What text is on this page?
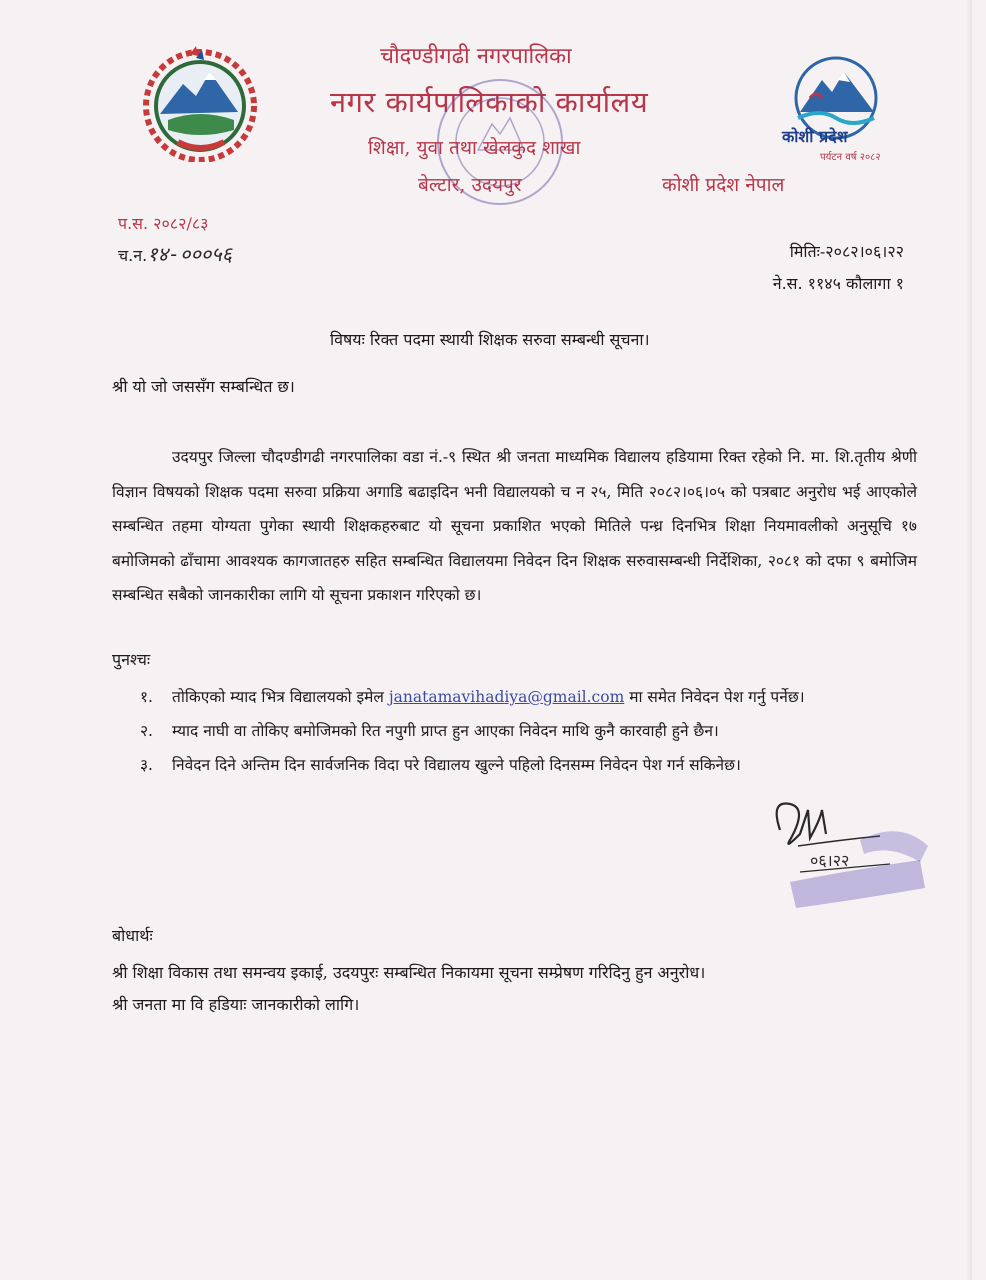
चौदण्डीगढी नगरपालिका
नगर कार्यपालिकाको कार्यालय
शिक्षा, युवा तथा खेलकुद शाखा
बेल्टार, उदयपुर	कोशी प्रदेश नेपाल
कोशी प्रदेश
पर्यटन वर्ष २०८२
प.स. २०८२/८३
च.न.१४-०००५६	मितिः-२०८२।०६।२२
ने.स. ११४५ कौलागा १
विषयः रिक्त पदमा स्थायी शिक्षक सरुवा सम्बन्धी सूचना।
श्री यो जो जससँग सम्बन्धित छ।
उदयपुर जिल्ला चौदण्डीगढी नगरपालिका वडा नं.-९ स्थित श्री जनता माध्यमिक विद्यालय हडियामा रिक्त रहेको नि. मा. शि.तृतीय श्रेणी विज्ञान विषयको शिक्षक पदमा सरुवा प्रक्रिया अगाडि बढाइदिन भनी विद्यालयको च न २५, मिति २०८२।०६।०५ को पत्रबाट अनुरोध भई आएकोले सम्बन्धित तहमा योग्यता पुगेका स्थायी शिक्षकहरुबाट यो सूचना प्रकाशित भएको मितिले पन्ध्र दिनभित्र शिक्षा नियमावलीको अनुसूचि १७ बमोजिमको ढाँचामा आवश्यक कागजातहरु सहित सम्बन्धित विद्यालयमा निवेदन दिन शिक्षक सरुवासम्बन्धी निर्देशिका, २०८१ को दफा ९ बमोजिम सम्बन्धित सबैको जानकारीका लागि यो सूचना प्रकाशन गरिएको छ।
पुनश्चः
१.	तोकिएको म्याद भित्र विद्यालयको इमेल janatamavihadiya@gmail.com मा समेत निवेदन पेश गर्नु पर्नेछ।
२.	म्याद नाघी वा तोकिए बमोजिमको रित नपुगी प्राप्त हुन आएका निवेदन माथि कुनै कारवाही हुने छैन।
३.	निवेदन दिने अन्तिम दिन सार्वजनिक विदा परे विद्यालय खुल्ने पहिलो दिनसम्म निवेदन पेश गर्न सकिनेछ।
०६।२२
बोधार्थः
श्री शिक्षा विकास तथा समन्वय इकाई, उदयपुरः सम्बन्धित निकायमा सूचना सम्प्रेषण गरिदिनु हुन अनुरोध।
श्री जनता मा वि हडियाः जानकारीको लागि।
